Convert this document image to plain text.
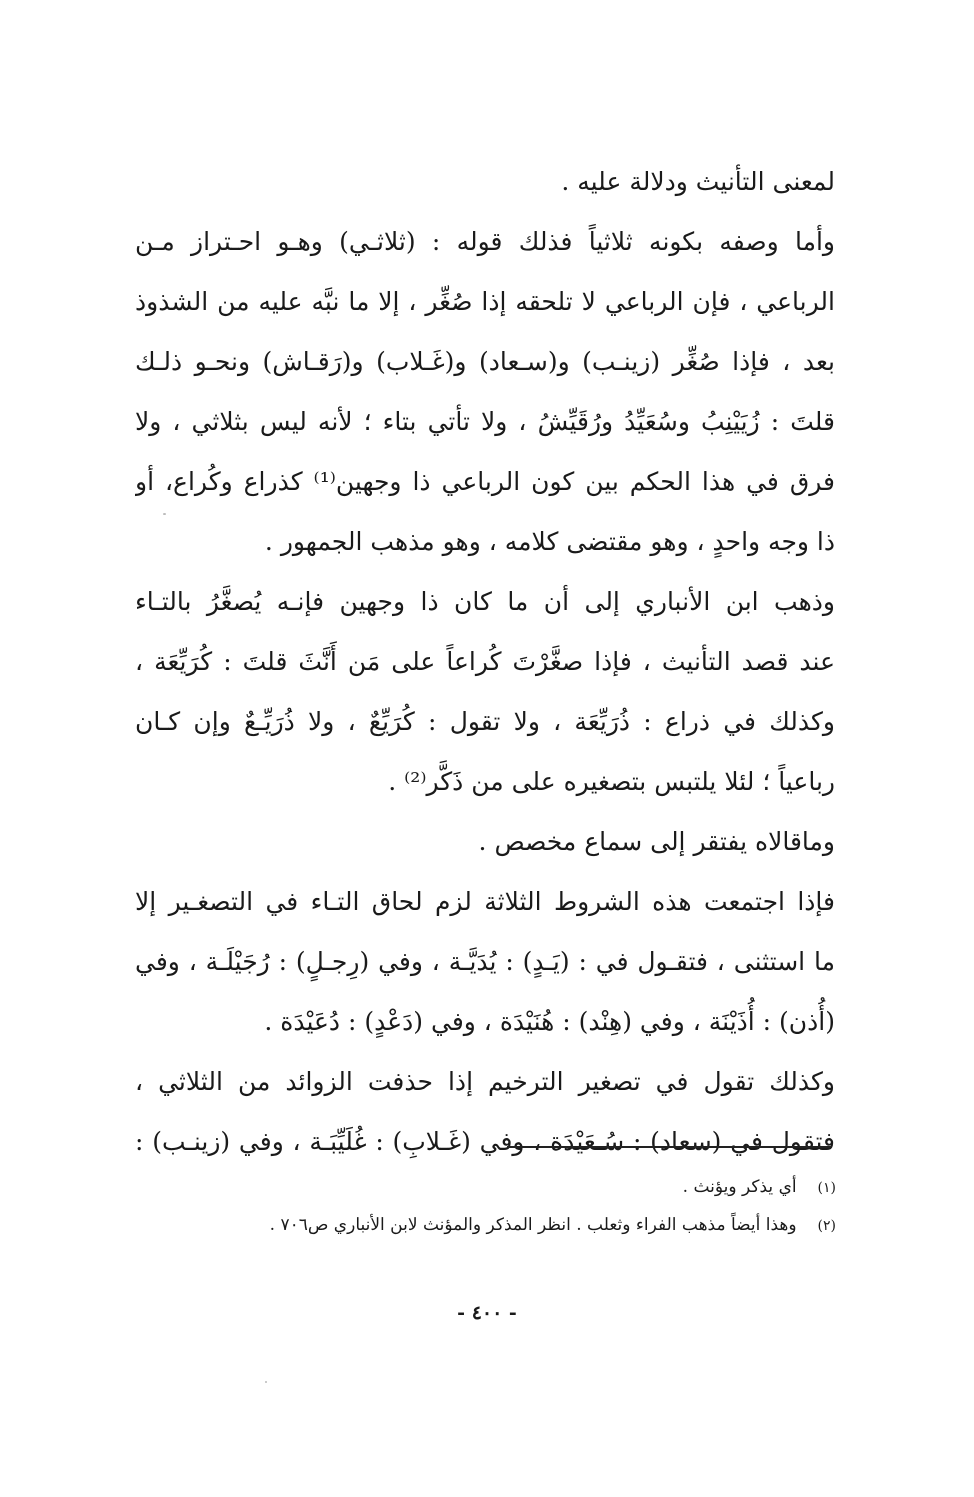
لمعنى التأنيث ودلالة عليه .
وأما وصفه بكونه ثلاثياً فذلك قوله : (ثلاثـي) وهـو احـتراز مـن
الرباعي ، فإن الرباعي لا تلحقه إذا صُغِّر ، إلا ما نبَّه عليه من الشذوذ
بعد ، فإذا صُغِّر (زينـب) و(سـعاد) و(غَـلاب) و(رَقـاش) ونحـو ذلـك
قلتَ : زُيَيْنِبُ وسُعَيِّدُ ورُقَيِّشُ ، ولا تأتي بتاء ؛ لأنه ليس بثلاثي ، ولا
فرق في هذا الحكم بين كون الرباعي ذا وجهين⁽¹⁾ كذراع وكُراع، أو
ذا وجه واحدٍ ، وهو مقتضى كلامه ، وهو مذهب الجمهور .
وذهب ابن الأنباري إلى أن ما كان ذا وجهين فإنـه يُصغَّرُ بالتـاء
عند قصد التأنيث ، فإذا صغَّرْتَ كُراعاً على مَن أَنَّثَ قلتَ : كُرَيِّعَة ،
وكذلك في ذراع : ذُرَيِّعَة ، ولا تقول : كُرَيِّعٌ ، ولا ذُرَيِّـعٌ وإن كـان
رباعياً ؛ لئلا يلتبس بتصغيره على من ذَكَّر⁽²⁾ .
وماقالاه يفتقر إلى سماع مخصص .
فإذا اجتمعت هذه الشروط الثلاثة لزم لحاق التـاء في التصغـير إلا
ما استثنى ، فتقـول في : (يَـدٍ) : يُدَيَّـة ، وفي (رِجـلٍ) : رُجَيْلَـة ، وفي
(أُذن) : أُذَيْنَة ، وفي (هِنْد) : هُنَيْدَة ، وفي (دَعْدٍ) : دُعَيْدَة .
وكذلك تقول في تصغير الترخيم إذا حذفت الزوائد من الثلاثي ،
فتقول في (سعاد) : سُـعَيْدَة ، وفي (غَـلابِ) : غُلَيِّبَـة ، وفي (زينـب) :
(١) أي يذكر ويؤنث .
(٢) وهذا أيضاً مذهب الفراء وثعلب . انظر المذكر والمؤنث لابن الأنباري ص٧٠٦ .
- ٤٠٠ -
